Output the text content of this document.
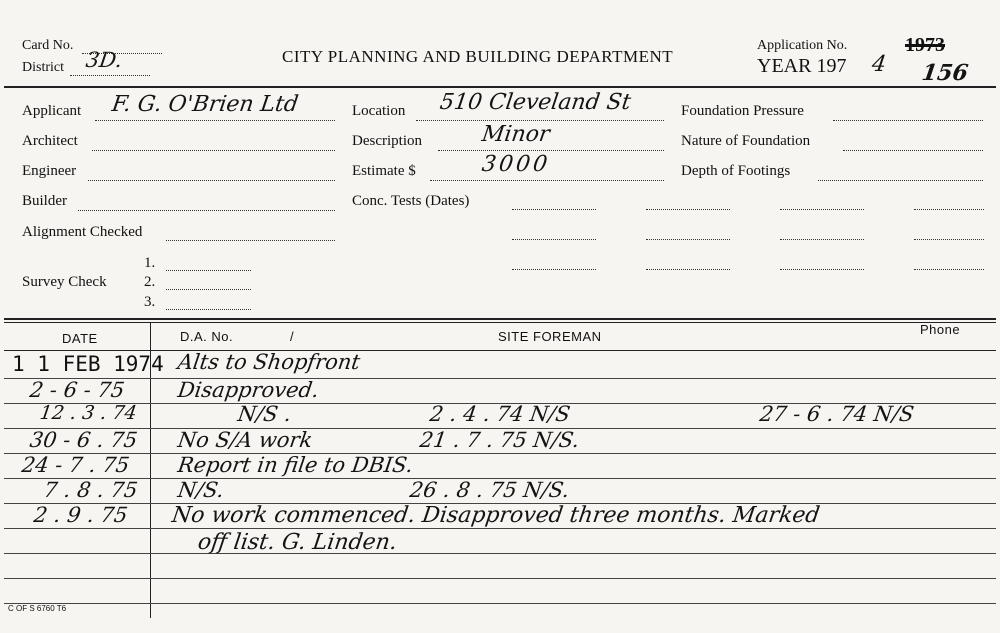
Card No.
District 3D.	CITY PLANNING AND BUILDING DEPARTMENT
Application No.
YEAR 197 4
1973
156
Applicant F. G. O'Brien Ltd
Architect
Engineer
Builder
Alignment Checked
1.
Survey Check 2.
3.
Location 510 Cleveland St
Description	Minor
Estimate $	3000
Conc. Tests (Dates)
Foundation Pressure
Nature of Foundation
Depth of Footings
DATE	D.A. No.	/	SITE FOREMAN	Phone
1 1 FEB 1974 Alts to Shopfront
2 - 6 - 75 Disapproved.
12 . 3 . 74	N/S .	2 . 4 . 74 N/S	27 - 6 . 74 N/S
30 - 6 . 75 No S/A work	21 . 7 . 75 N/S.
24 - 7 . 75 Report in file to DBIS.
7 . 8 . 75 N/S.	26 . 8 . 75 N/S.
2 . 9 . 75 No work commenced. Disapproved three months. Marked
off list. G. Linden.
C OF S 6760 T6
